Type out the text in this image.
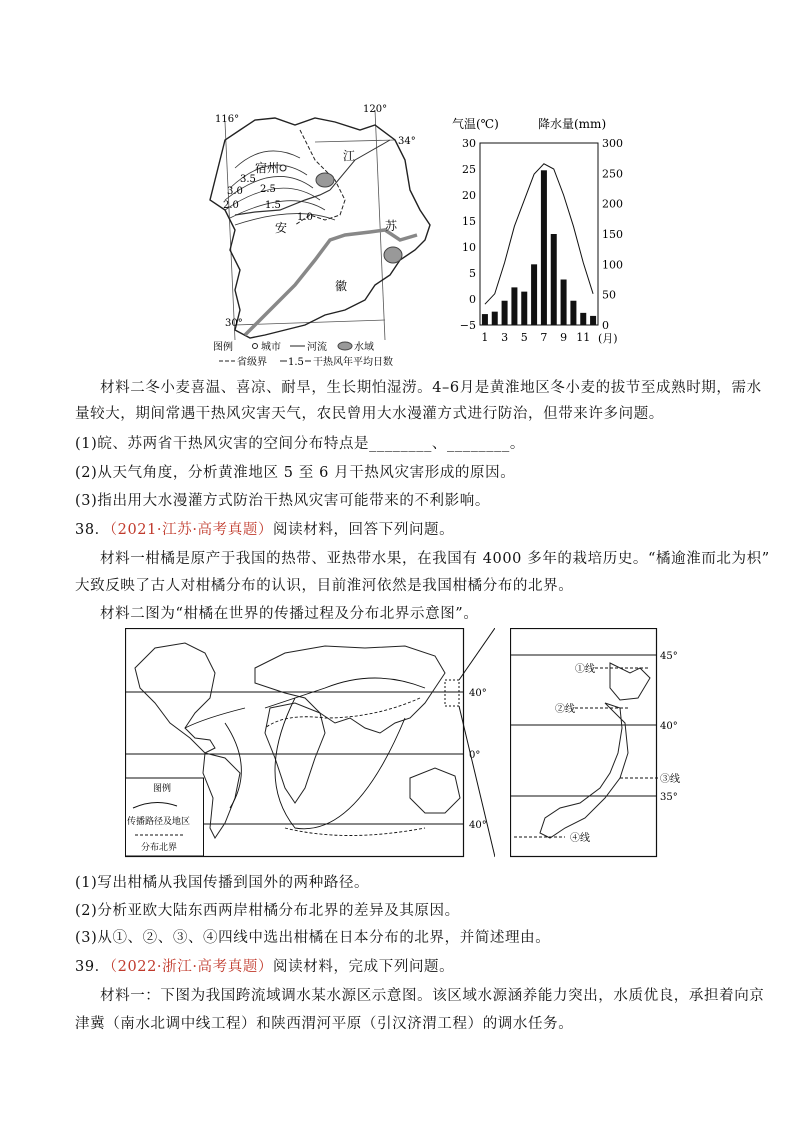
116°
120°
34°
30°
宿州
江
安	苏
徽
3.5
3.0 2.5
2.0	1.5
1.0
图例	城市	河流	水域
省级界 1.5 干热风年平均日数
气温(℃)	降水量(mm)
30
25
20
15
10
5
0
−5
300
250
200
150
100
50
0
1 3 5 7 9 11 (月)
材料二冬小麦喜温、喜凉、耐旱，生长期怕湿涝。4–6月是黄淮地区冬小麦的拔节至成熟时期，需水
量较大，期间常遇干热风灾害天气，农民曾用大水漫灌方式进行防治，但带来许多问题。
(1)皖、苏两省干热风灾害的空间分布特点是________、________。
(2)从天气角度，分析黄淮地区 5 至 6 月干热风灾害形成的原因。
(3)指出用大水漫灌方式防治干热风灾害可能带来的不利影响。
38．（2021·江苏·高考真题）阅读材料，回答下列问题。
材料一柑橘是原产于我国的热带、亚热带水果，在我国有 4000 多年的栽培历史。“橘逾淮而北为枳”
大致反映了古人对柑橘分布的认识，目前淮河依然是我国柑橘分布的北界。
材料二图为“柑橘在世界的传播过程及分布北界示意图”。
图例
传播路径及地区
分布北界
40°
0°
40°
①线
②线
③线
④线
45°
40°
35°
(1)写出柑橘从我国传播到国外的两种路径。
(2)分析亚欧大陆东西两岸柑橘分布北界的差异及其原因。
(3)从①、②、③、④四线中选出柑橘在日本分布的北界，并简述理由。
39．（2022·浙江·高考真题）阅读材料，完成下列问题。
材料一：下图为我国跨流域调水某水源区示意图。该区域水源涵养能力突出，水质优良，承担着向京
津冀（南水北调中线工程）和陕西渭河平原（引汉济渭工程）的调水任务。
